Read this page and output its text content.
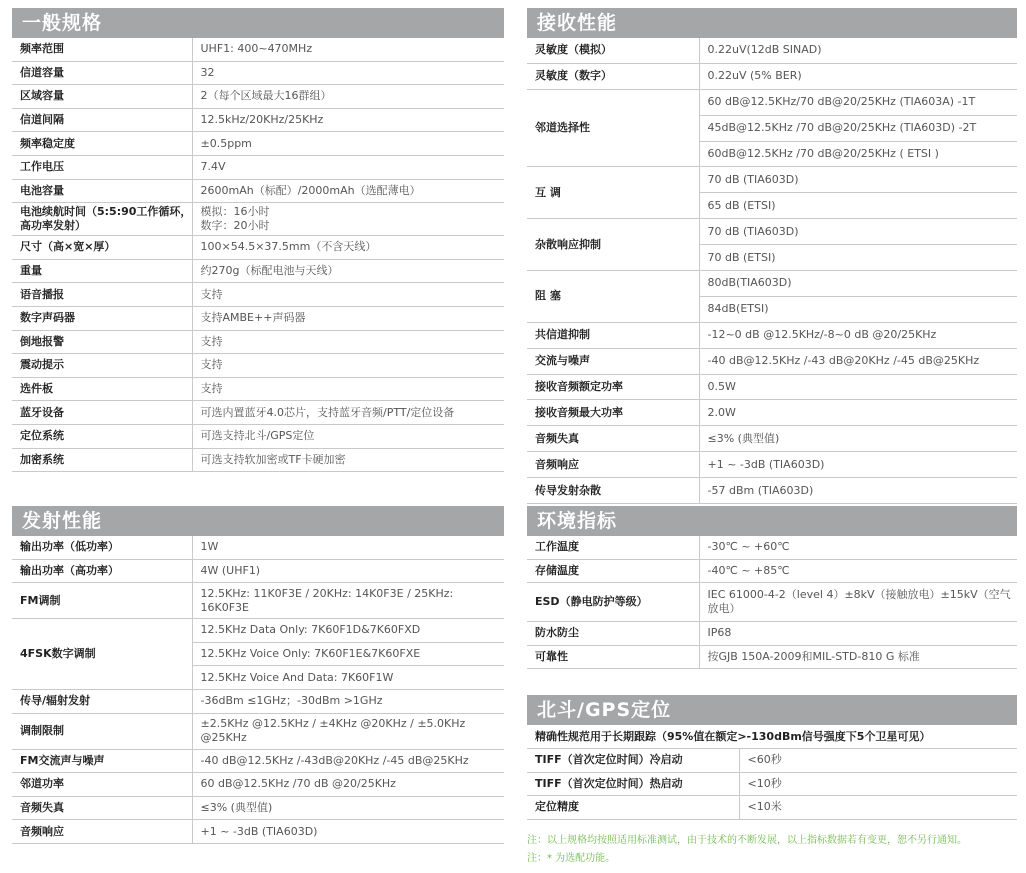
一般规格
频率范围	UHF1: 400~470MHz
信道容量	32
区域容量	2（每个区域最大16群组）
信道间隔	12.5kHz/20KHz/25KHz
频率稳定度	±0.5ppm
工作电压	7.4V
电池容量	2600mAh（标配）/2000mAh（选配薄电）
电池续航时间（5:5:90工作循环，高功率发射）	模拟：16小时
数字：20小时
尺寸（高×宽×厚）	100×54.5×37.5mm（不含天线）
重量	约270g（标配电池与天线）
语音播报	支持
数字声码器	支持AMBE++声码器
倒地报警	支持
震动提示	支持
选件板	支持
蓝牙设备	可选内置蓝牙4.0芯片，支持蓝牙音频/PTT/定位设备
定位系统	可选支持北斗/GPS定位
加密系统	可选支持软加密或TF卡硬加密
发射性能
输出功率（低功率）	1W
输出功率（高功率）	4W (UHF1)
FM调制	12.5KHz: 11K0F3E / 20KHz: 14K0F3E / 25KHz: 16K0F3E
4FSK数字调制	12.5KHz Data Only: 7K60F1D&7K60FXD
	12.5KHz Voice Only: 7K60F1E&7K60FXE
	12.5KHz Voice And Data: 7K60F1W
传导/辐射发射	-36dBm ≤1GHz；-30dBm >1GHz
调制限制	±2.5KHz @12.5KHz / ±4KHz @20KHz / ±5.0KHz @25KHz
FM交流声与噪声	-40 dB@12.5KHz /-43dB@20KHz /-45 dB@25KHz
邻道功率	60 dB@12.5KHz /70 dB @20/25KHz
音频失真	≤3% (典型值)
音频响应	+1 ~ -3dB (TIA603D)
接收性能
灵敏度（模拟）	0.22uV(12dB SINAD)
灵敏度（数字）	0.22uV (5% BER)
邻道选择性	60 dB@12.5KHz/70 dB@20/25KHz (TIA603A) -1T
	45dB@12.5KHz /70 dB@20/25KHz (TIA603D) -2T
	60dB@12.5KHz /70 dB@20/25KHz ( ETSI )
互 调	70 dB (TIA603D)
	65 dB (ETSI)
杂散响应抑制	70 dB (TIA603D)
	70 dB (ETSI)
阻 塞	80dB(TIA603D)
	84dB(ETSI)
共信道抑制	-12~0 dB @12.5KHz/-8~0 dB @20/25KHz
交流与噪声	-40 dB@12.5KHz /-43 dB@20KHz /-45 dB@25KHz
接收音频额定功率	0.5W
接收音频最大功率	2.0W
音频失真	≤3% (典型值)
音频响应	+1 ~ -3dB (TIA603D)
传导发射杂散	-57 dBm (TIA603D)
环境指标
工作温度	-30℃ ~ +60℃
存储温度	-40℃ ~ +85℃
ESD（静电防护等级）	IEC 61000-4-2（level 4）±8kV（接触放电）±15kV（空气放电）
防水防尘	IP68
可靠性	按GJB 150A-2009和MIL-STD-810 G 标准
北斗/GPS定位
精确性规范用于长期跟踪（95%值在额定>-130dBm信号强度下5个卫星可见）	
TIFF（首次定位时间）冷启动	<60秒
TIFF（首次定位时间）热启动	<10秒
定位精度	<10米
注：以上规格均按照适用标准测试，由于技术的不断发展，以上指标数据若有变更，恕不另行通知。
注：* 为选配功能。
